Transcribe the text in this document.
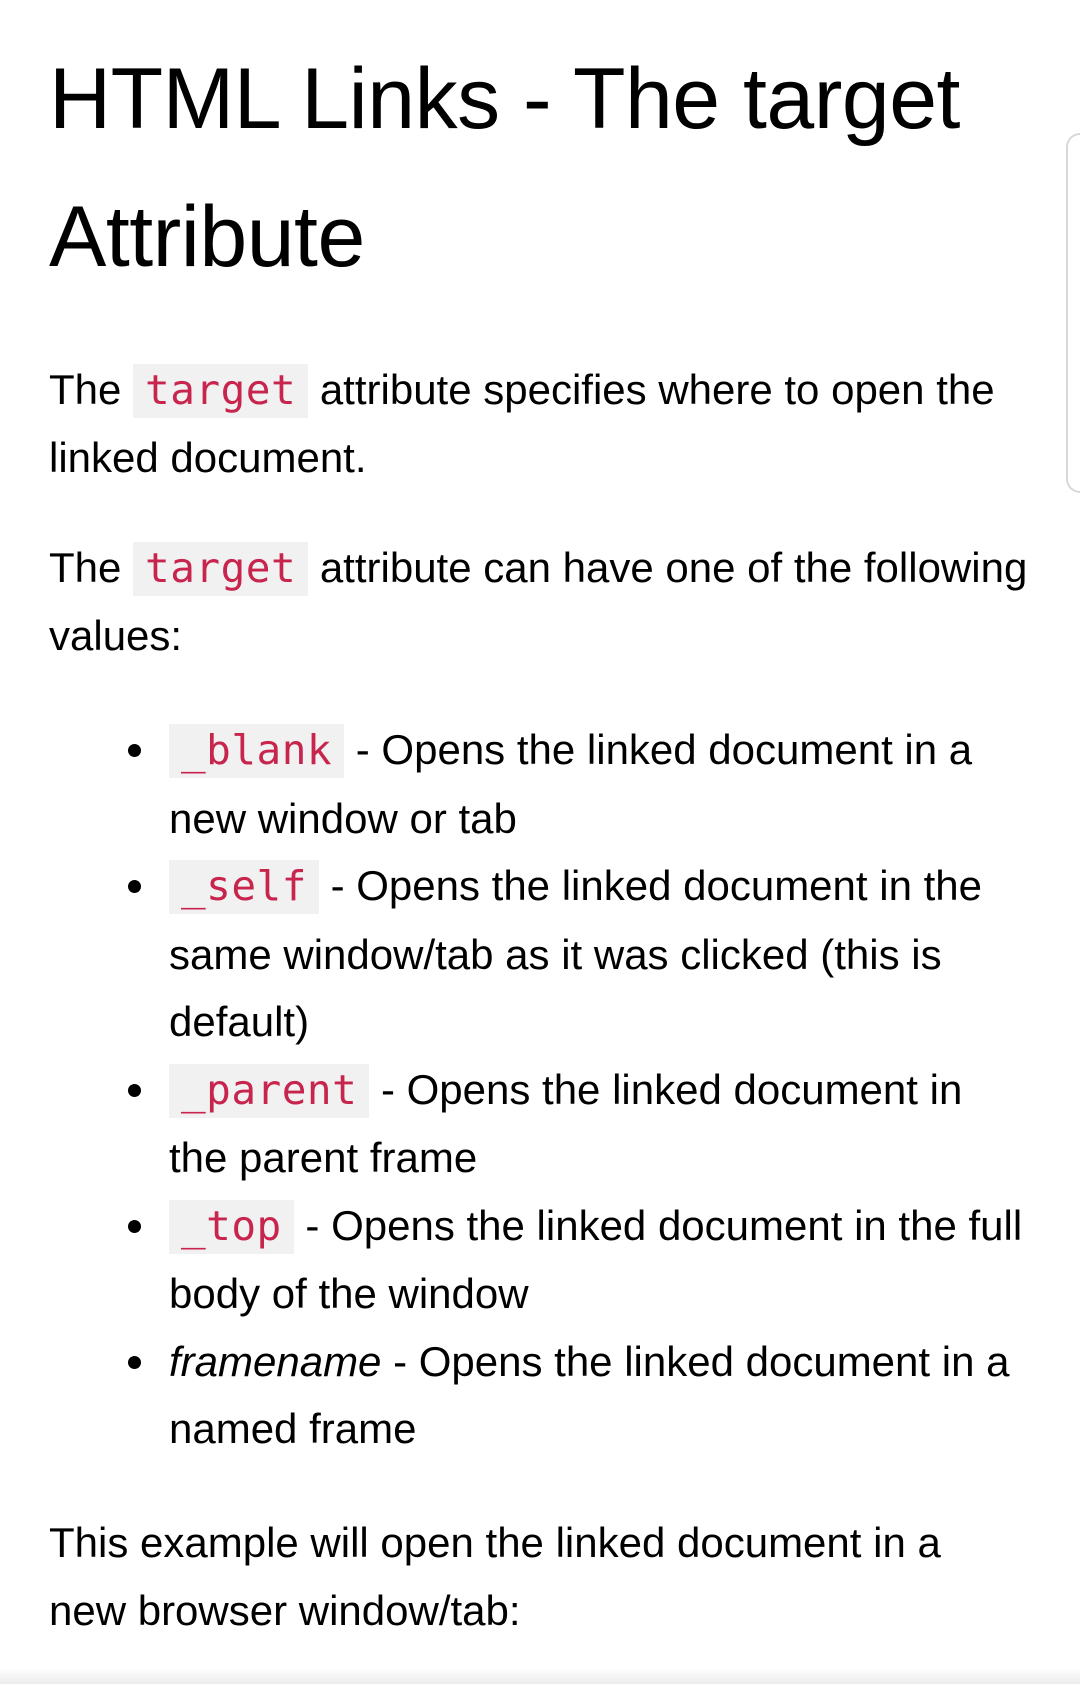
HTML Links - The target Attribute

The target attribute specifies where to open the linked document.

The target attribute can have one of the following values:

_blank - Opens the linked document in a new window or tab
_self - Opens the linked document in the same window/tab as it was clicked (this is default)
_parent - Opens the linked document in the parent frame
_top - Opens the linked document in the full body of the window
framename - Opens the linked document in a named frame

This example will open the linked document in a new browser window/tab:
